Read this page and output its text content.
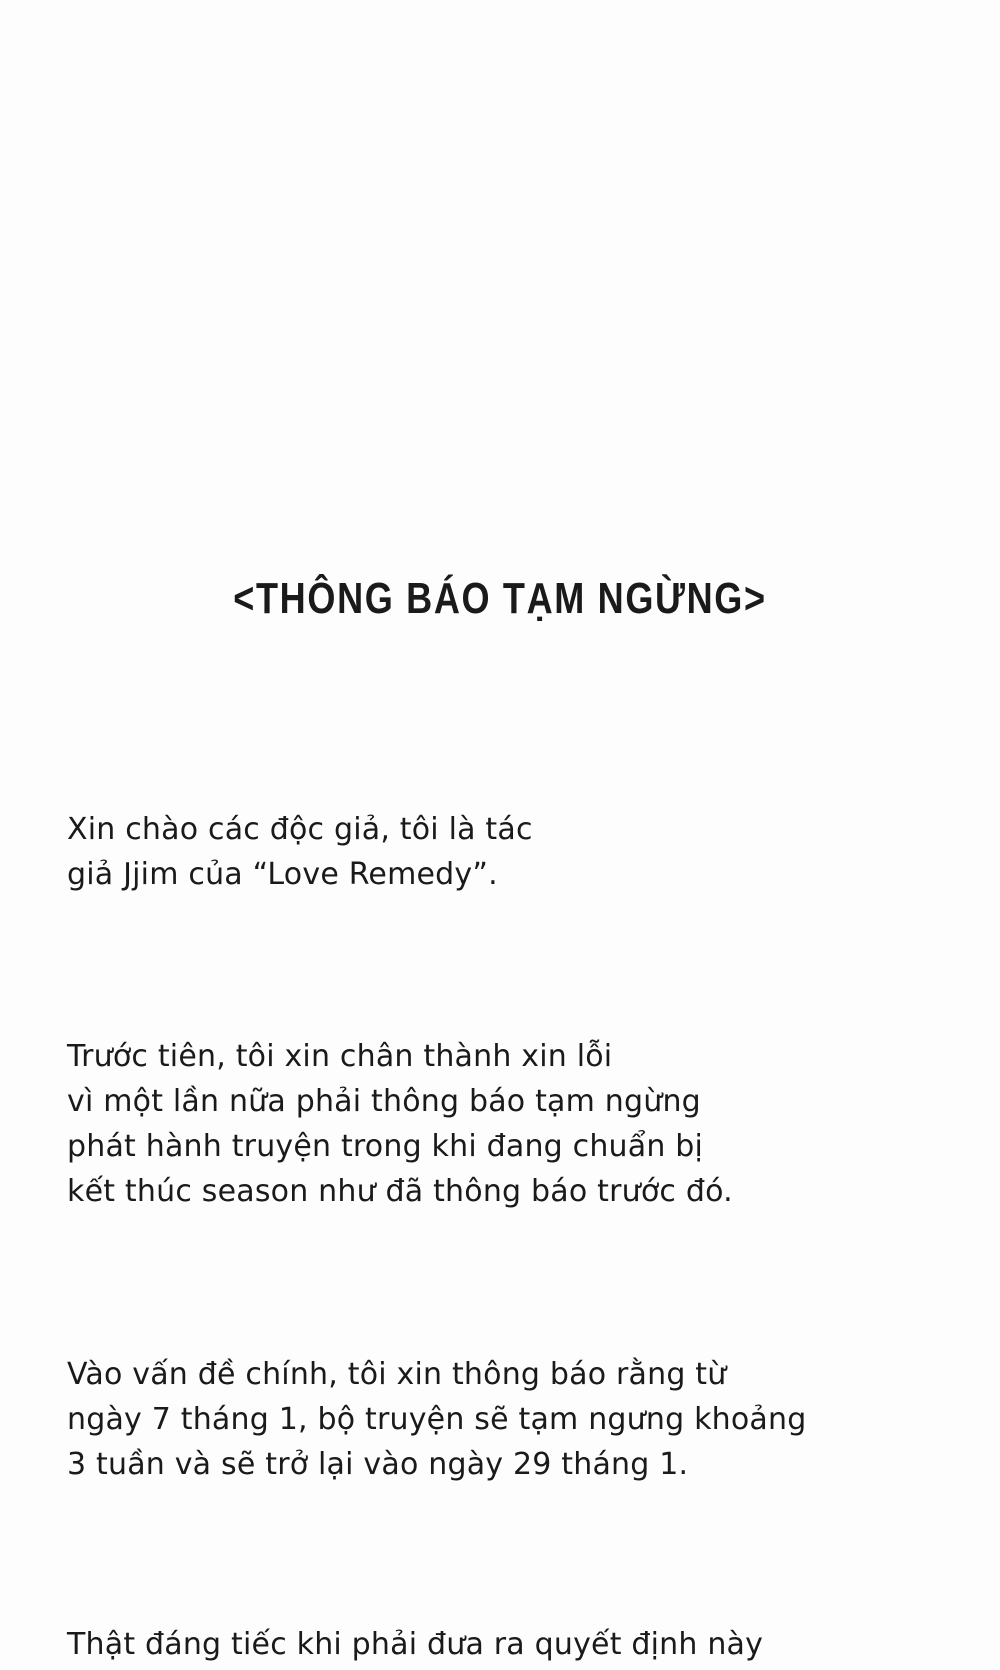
<THÔNG BÁO TẠM NGỪNG>

Xin chào các độc giả, tôi là tác
giả Jjim của “Love Remedy”.

Trước tiên, tôi xin chân thành xin lỗi
vì một lần nữa phải thông báo tạm ngừng
phát hành truyện trong khi đang chuẩn bị
kết thúc season như đã thông báo trước đó.

Vào vấn đề chính, tôi xin thông báo rằng từ
ngày 7 tháng 1, bộ truyện sẽ tạm ngưng khoảng
3 tuần và sẽ trở lại vào ngày 29 tháng 1.

Thật đáng tiếc khi phải đưa ra quyết định này
